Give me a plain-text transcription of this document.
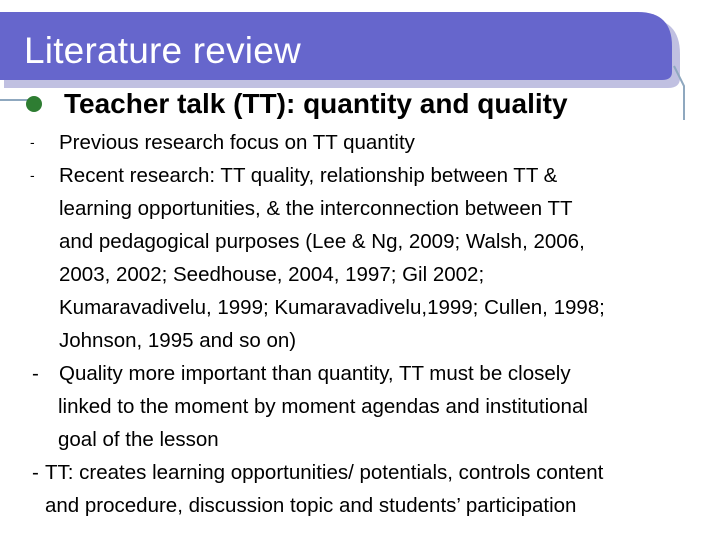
Literature review
Teacher talk (TT): quantity and quality
- Previous research focus on TT quantity
- Recent research: TT quality, relationship between TT &
learning opportunities, & the interconnection between TT
and pedagogical purposes (Lee & Ng, 2009; Walsh, 2006,
2003, 2002; Seedhouse, 2004, 1997; Gil 2002;
Kumaravadivelu, 1999; Kumaravadivelu,1999; Cullen, 1998;
Johnson, 1995 and so on)
- Quality more important than quantity, TT must be closely
linked to the moment by moment agendas and institutional
goal of the lesson
- TT: creates learning opportunities/ potentials, controls content
and procedure, discussion topic and students’ participation
